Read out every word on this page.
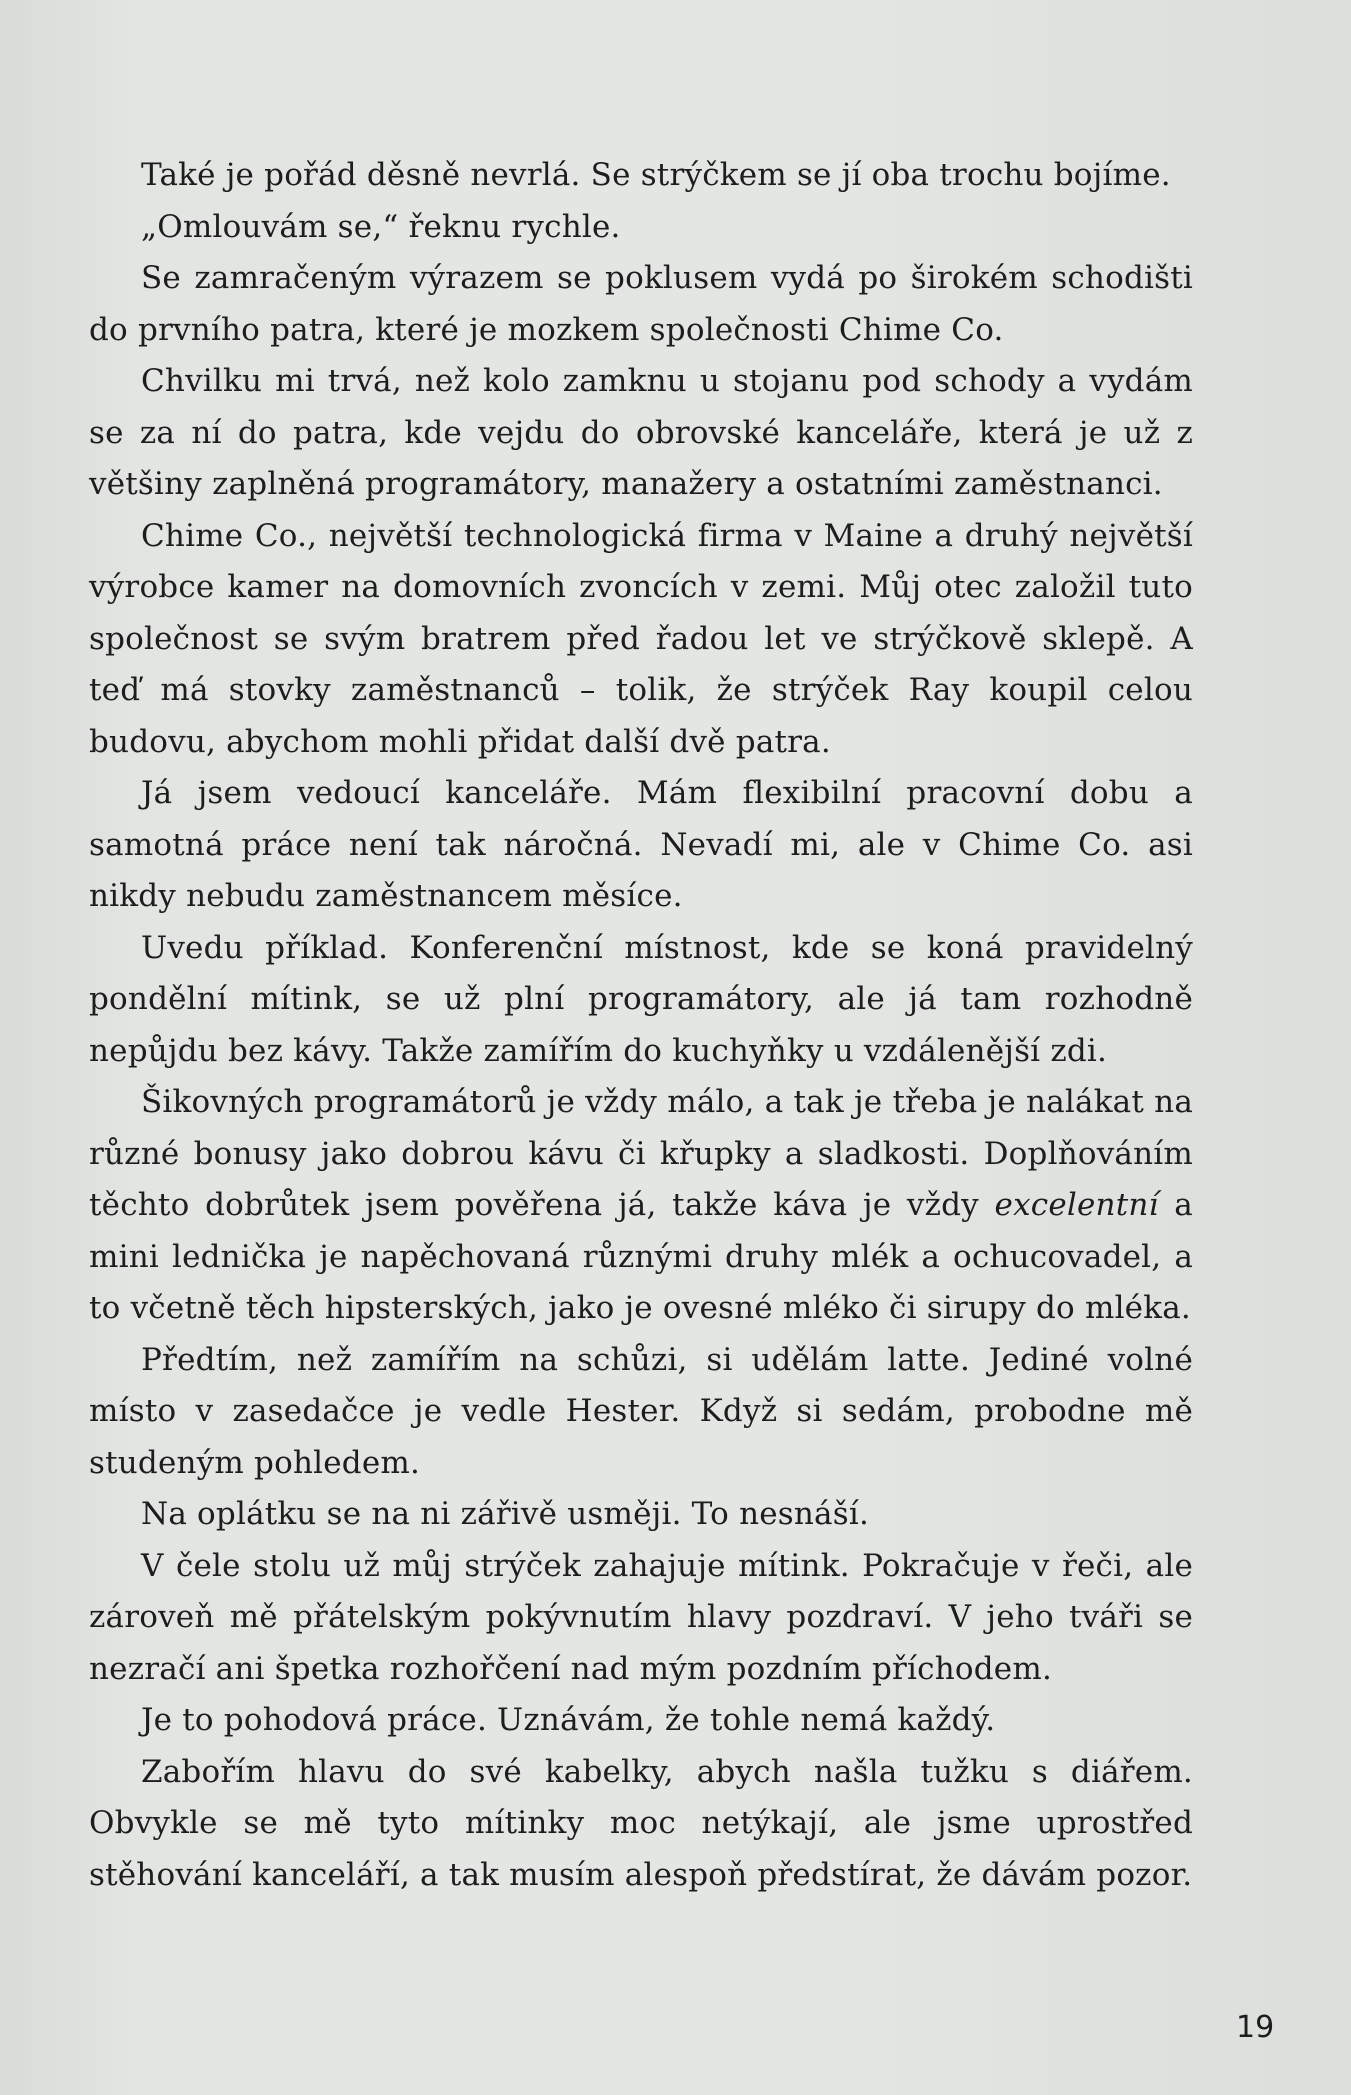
Také je pořád děsně nevrlá. Se strýčkem se jí oba trochu bojíme.

„Omlouvám se,“ řeknu rychle.

Se zamračeným výrazem se poklusem vydá po širokém schodišti do prvního patra, které je mozkem společnosti Chime Co.

Chvilku mi trvá, než kolo zamknu u stojanu pod schody a vydám se za ní do patra, kde vejdu do obrovské kanceláře, která je už z většiny zaplněná programátory, manažery a ostatními zaměstnanci.

Chime Co., největší technologická firma v Maine a druhý největší výrobce kamer na domovních zvoncích v zemi. Můj otec založil tuto společnost se svým bratrem před řadou let ve strýčkově sklepě. A teď má stovky zaměstnanců – tolik, že strýček Ray koupil celou budovu, abychom mohli přidat další dvě patra.

Já jsem vedoucí kanceláře. Mám flexibilní pracovní dobu a samotná práce není tak náročná. Nevadí mi, ale v Chime Co. asi nikdy nebudu zaměstnancem měsíce.

Uvedu příklad. Konferenční místnost, kde se koná pravidelný pondělní mítink, se už plní programátory, ale já tam rozhodně nepůjdu bez kávy. Takže zamířím do kuchyňky u vzdálenější zdi.

Šikovných programátorů je vždy málo, a tak je třeba je nalákat na různé bonusy jako dobrou kávu či křupky a sladkosti. Doplňováním těchto dobrůtek jsem pověřena já, takže káva je vždy excelentní a mini lednička je napěchovaná různými druhy mlék a ochucovadel, a to včetně těch hipsterských, jako je ovesné mléko či sirupy do mléka.

Předtím, než zamířím na schůzi, si udělám latte. Jediné volné místo v zasedačce je vedle Hester. Když si sedám, probodne mě studeným pohledem.

Na oplátku se na ni zářivě usměji. To nesnáší.

V čele stolu už můj strýček zahajuje mítink. Pokračuje v řeči, ale zároveň mě přátelským pokývnutím hlavy pozdraví. V jeho tváři se nezračí ani špetka rozhořčení nad mým pozdním příchodem.

Je to pohodová práce. Uznávám, že tohle nemá každý.

Zabořím hlavu do své kabelky, abych našla tužku s diářem. Obvykle se mě tyto mítinky moc netýkají, ale jsme uprostřed stěhování kanceláří, a tak musím alespoň předstírat, že dávám pozor.

19
